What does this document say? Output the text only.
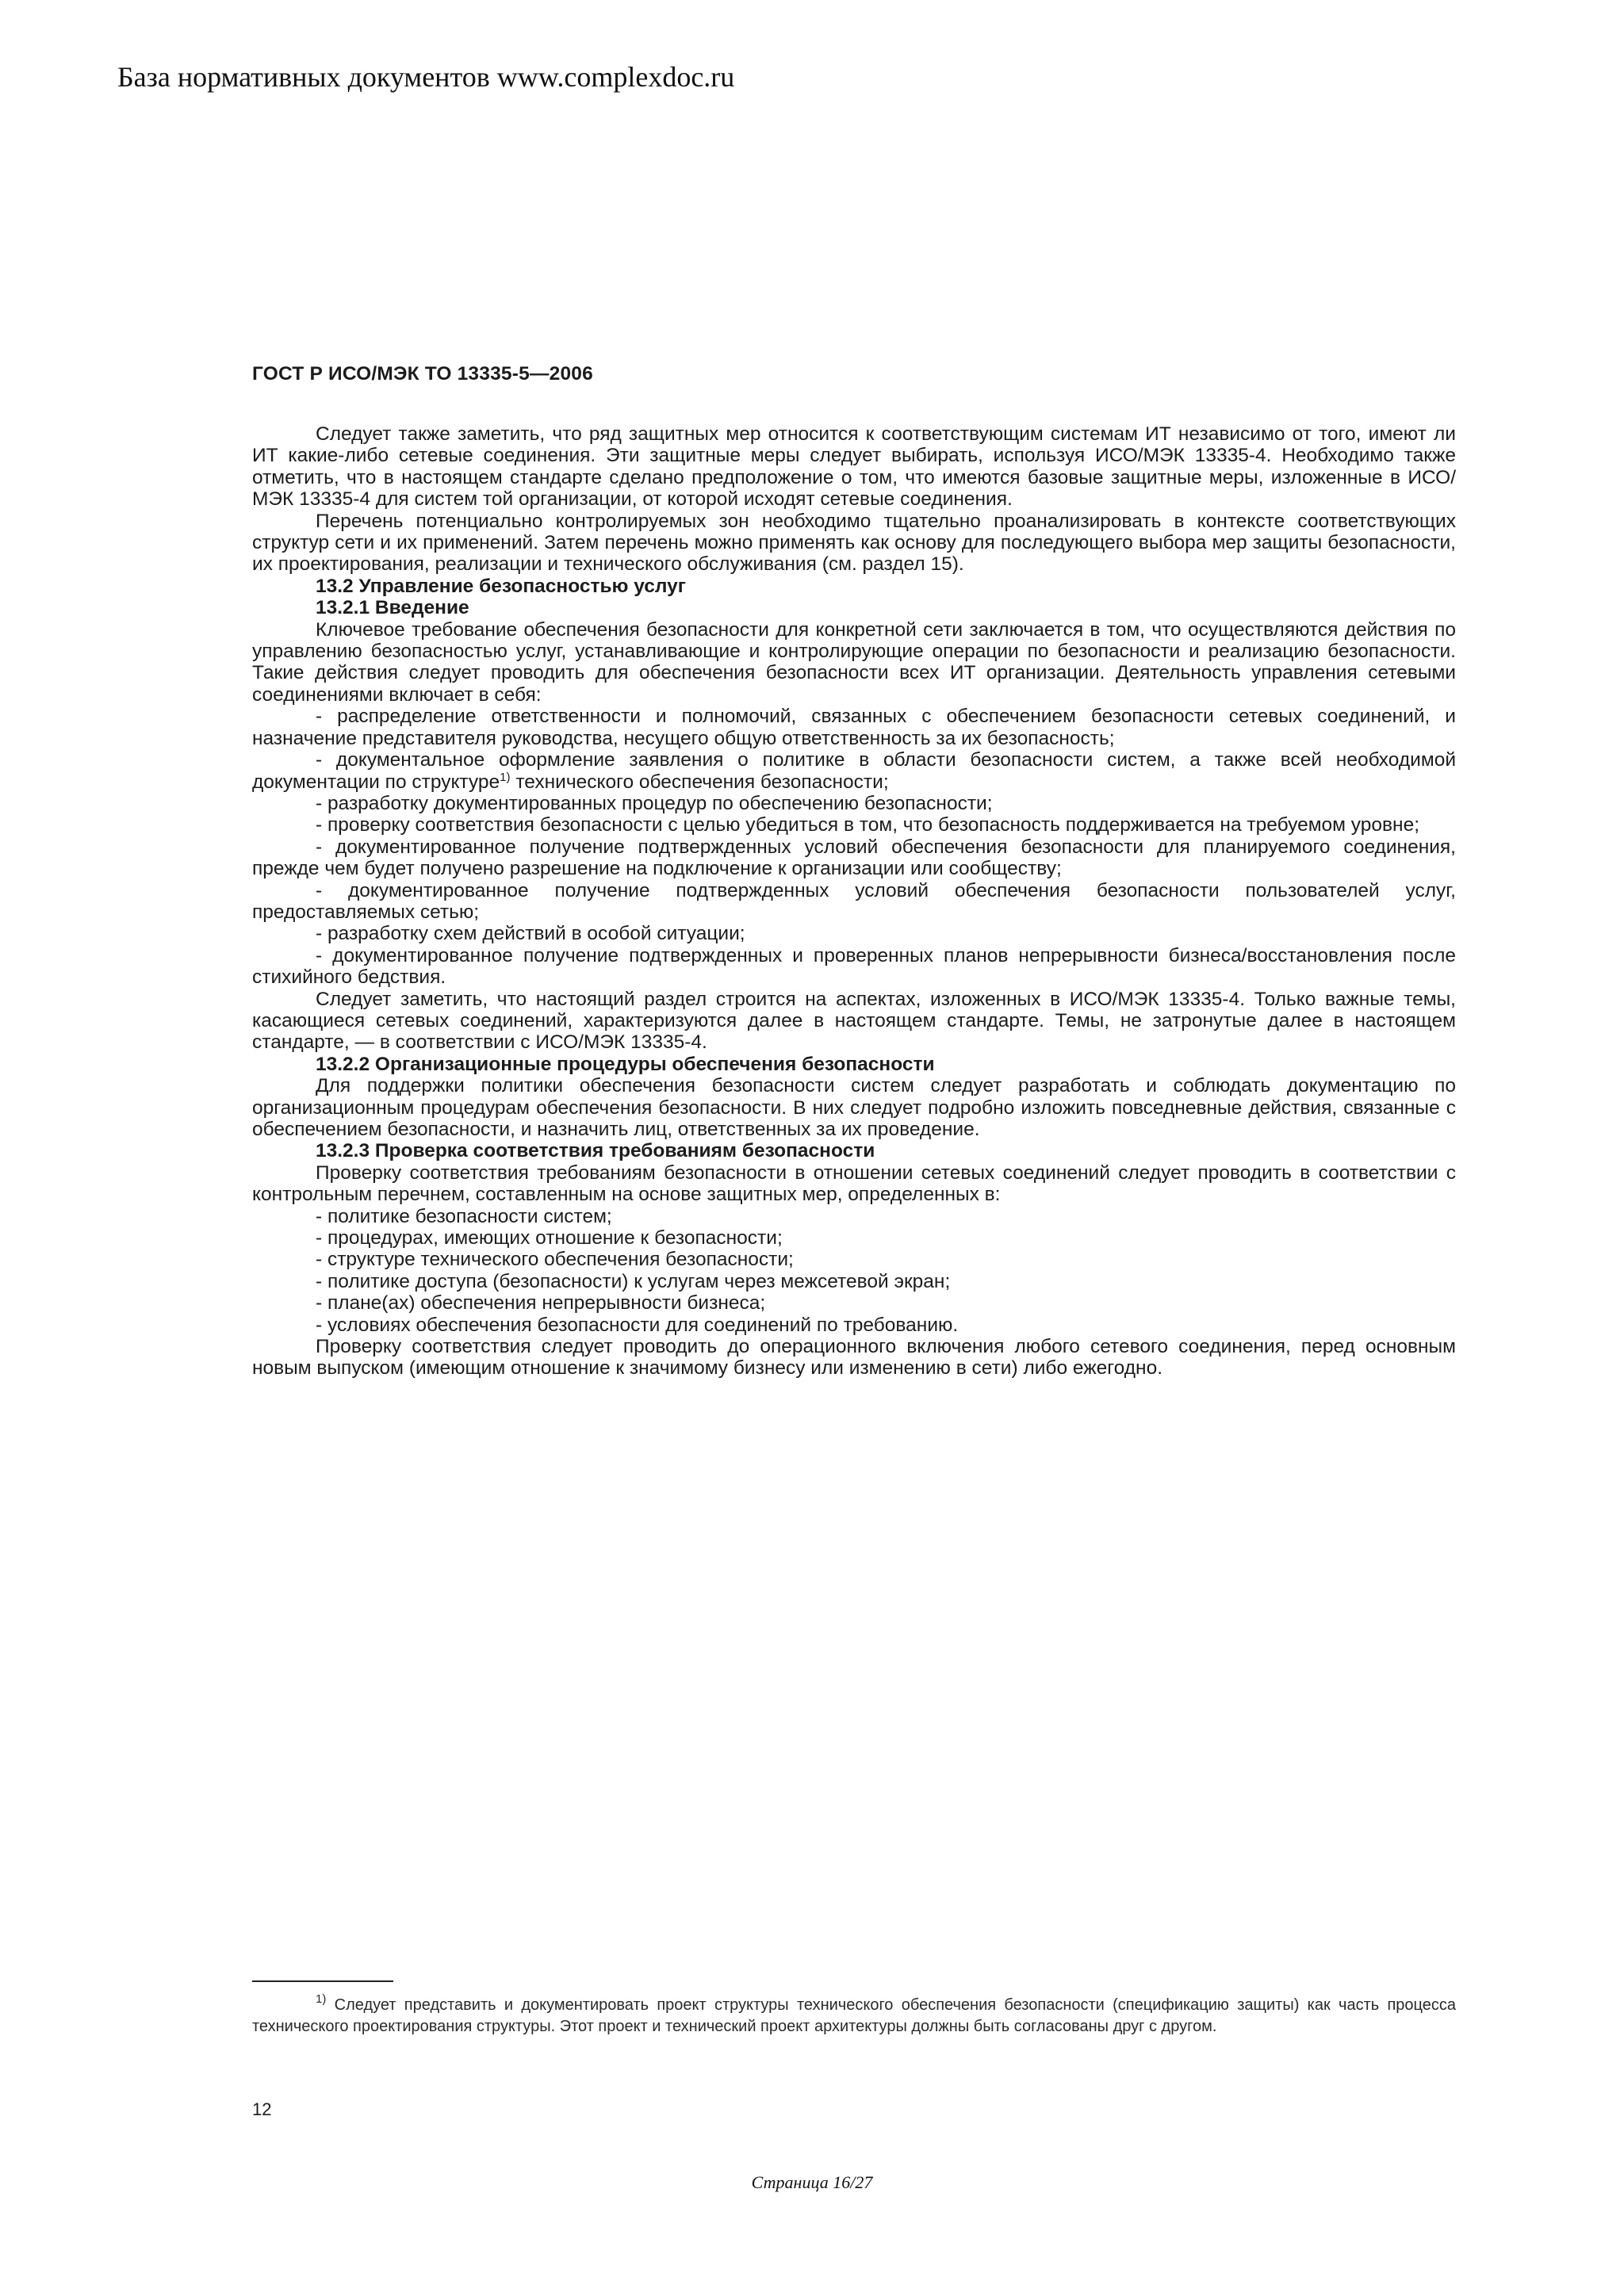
База нормативных документов www.complexdoc.ru
ГОСТ Р ИСО/МЭК ТО 13335-5—2006

Следует также заметить, что ряд защитных мер относится к соответствующим системам ИТ независимо от того, имеют ли ИТ какие-либо сетевые соединения. Эти защитные меры следует выбирать, используя ИСО/МЭК 13335-4. Необходимо также отметить, что в настоящем стандарте сделано предположение о том, что имеются базовые защитные меры, изложенные в ИСО/МЭК 13335-4 для систем той организации, от которой исходят сетевые соединения.

Перечень потенциально контролируемых зон необходимо тщательно проанализировать в контексте соответствующих структур сети и их применений. Затем перечень можно применять как основу для последующего выбора мер защиты безопасности, их проектирования, реализации и технического обслуживания (см. раздел 15).

13.2 Управление безопасностью услуг

13.2.1 Введение

Ключевое требование обеспечения безопасности для конкретной сети заключается в том, что осуществляются действия по управлению безопасностью услуг, устанавливающие и контролирующие операции по безопасности и реализацию безопасности. Такие действия следует проводить для обеспечения безопасности всех ИТ организации. Деятельность управления сетевыми соединениями включает в себя:

- распределение ответственности и полномочий, связанных с обеспечением безопасности сетевых соединений, и назначение представителя руководства, несущего общую ответственность за их безопасность;

- документальное оформление заявления о политике в области безопасности систем, а также всей необходимой документации по структуре$^{1)}$ технического обеспечения безопасности;

- разработку документированных процедур по обеспечению безопасности;

- проверку соответствия безопасности с целью убедиться в том, что безопасность поддерживается на требуемом уровне;

- документированное получение подтвержденных условий обеспечения безопасности для планируемого соединения, прежде чем будет получено разрешение на подключение к организации или сообществу;

- документированное получение подтвержденных условий обеспечения безопасности пользователей услуг, предоставляемых сетью;

- разработку схем действий в особой ситуации;

- документированное получение подтвержденных и проверенных планов непрерывности бизнеса/восстановления после стихийного бедствия.

Следует заметить, что настоящий раздел строится на аспектах, изложенных в ИСО/МЭК 13335-4. Только важные темы, касающиеся сетевых соединений, характеризуются далее в настоящем стандарте. Темы, не затронутые далее в настоящем стандарте, — в соответствии с ИСО/МЭК 13335-4.

13.2.2 Организационные процедуры обеспечения безопасности

Для поддержки политики обеспечения безопасности систем следует разработать и соблюдать документацию по организационным процедурам обеспечения безопасности. В них следует подробно изложить повседневные действия, связанные с обеспечением безопасности, и назначить лиц, ответственных за их проведение.

13.2.3 Проверка соответствия требованиям безопасности

Проверку соответствия требованиям безопасности в отношении сетевых соединений следует проводить в соответствии с контрольным перечнем, составленным на основе защитных мер, определенных в:

- политике безопасности систем;

- процедурах, имеющих отношение к безопасности;

- структуре технического обеспечения безопасности;

- политике доступа (безопасности) к услугам через межсетевой экран;

- плане(ах) обеспечения непрерывности бизнеса;

- условиях обеспечения безопасности для соединений по требованию.

Проверку соответствия следует проводить до операционного включения любого сетевого соединения, перед основным новым выпуском (имеющим отношение к значимому бизнесу или изменению в сети) либо ежегодно.

$^{1)}$ Следует представить и документировать проект структуры технического обеспечения безопасности (спецификацию защиты) как часть процесса технического проектирования структуры. Этот проект и технический проект архитектуры должны быть согласованы друг с другом.
12
Страница 16/27
